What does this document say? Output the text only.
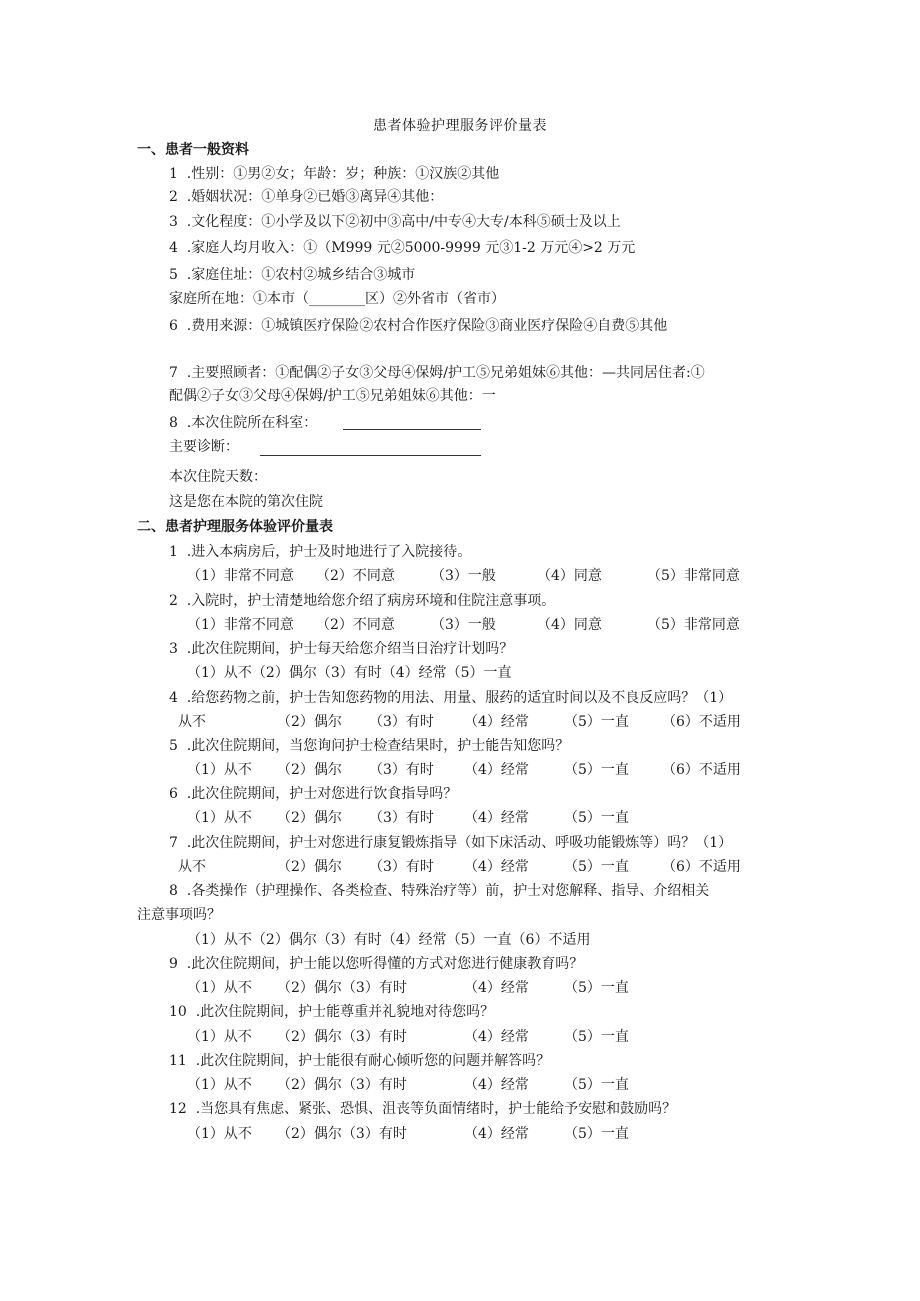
患者体验护理服务评价量表
一、患者一般资料
1  .性别：①男②女；年龄：岁；种族：①汉族②其他
2  .婚姻状况：①单身②已婚③离异④其他：
3  .文化程度：①小学及以下②初中③高中/中专④大专/本科⑤硕士及以上
4  .家庭人均月收入：①（M999 元②5000-9999 元③1-2 万元④>2 万元
5  .家庭住址：①农村②城乡结合③城市
家庭所在地：①本市（________区）②外省市（省市）
6  .费用来源：①城镇医疗保险②农村合作医疗保险③商业医疗保险④自费⑤其他
7  .主要照顾者：①配偶②子女③父母④保姆/护工⑤兄弟姐妹⑥其他：—共同居住者:①
配偶②子女③父母④保姆/护工⑤兄弟姐妹⑥其他：一
8  .本次住院所在科室：
主要诊断：
本次住院天数：
这是您在本院的第次住院
二、患者护理服务体验评价量表
1  .进入本病房后，护士及时地进行了入院接待。

（1）非常不同意

（2）不同意

	（3）一般

	（4）同意

	（5）非常同意

2  .入院时，护士清楚地给您介绍了病房环境和住院注意事项。

（1）非常不同意

（2）不同意

	（3）一般

	（4）同意

	（5）非常同意

3  .此次住院期间，护士每天给您介绍当日治疗计划吗？
（1）从不（2）偶尔（3）有时（4）经常（5）一直
4  .给您药物之前，护士告知您药物的用法、用量、服药的适宜时间以及不良反应吗？（1）

从不

	（2）偶尔

（3）有时

（4）经常

	（5）一直

（6）不适用

5  .此次住院期间，当您询问护士检查结果时，护士能告知您吗？

（1）从不

（2）偶尔

（3）有时

（4）经常

	（5）一直

（6）不适用

6  .此次住院期间，护士对您进行饮食指导吗？

（1）从不

（2）偶尔

（3）有时

（4）经常

	（5）一直

7  .此次住院期间，护士对您进行康复锻炼指导（如下床活动、呼吸功能锻炼等）吗？（1）

从不

	（2）偶尔

（3）有时

（4）经常

	（5）一直

（6）不适用

8  .各类操作（护理操作、各类检查、特殊治疗等）前，护士对您解释、指导、介绍相关
注意事项吗？
（1）从不（2）偶尔（3）有时（4）经常（5）一直（6）不适用
9  .此次住院期间，护士能以您听得懂的方式对您进行健康教育吗？

（1）从不

（2）偶尔（3）有时

	（4）经常

	（5）一直

10  .此次住院期间，护士能尊重并礼貌地对待您吗？

（1）从不

（2）偶尔（3）有时

	（4）经常

	（5）一直

11  .此次住院期间，护士能很有耐心倾听您的问题并解答吗？

（1）从不

（2）偶尔（3）有时

	（4）经常

	（5）一直

12  .当您具有焦虑、紧张、恐惧、沮丧等负面情绪时，护士能给予安慰和鼓励吗？

（1）从不

（2）偶尔（3）有时

	（4）经常

	（5）一直
